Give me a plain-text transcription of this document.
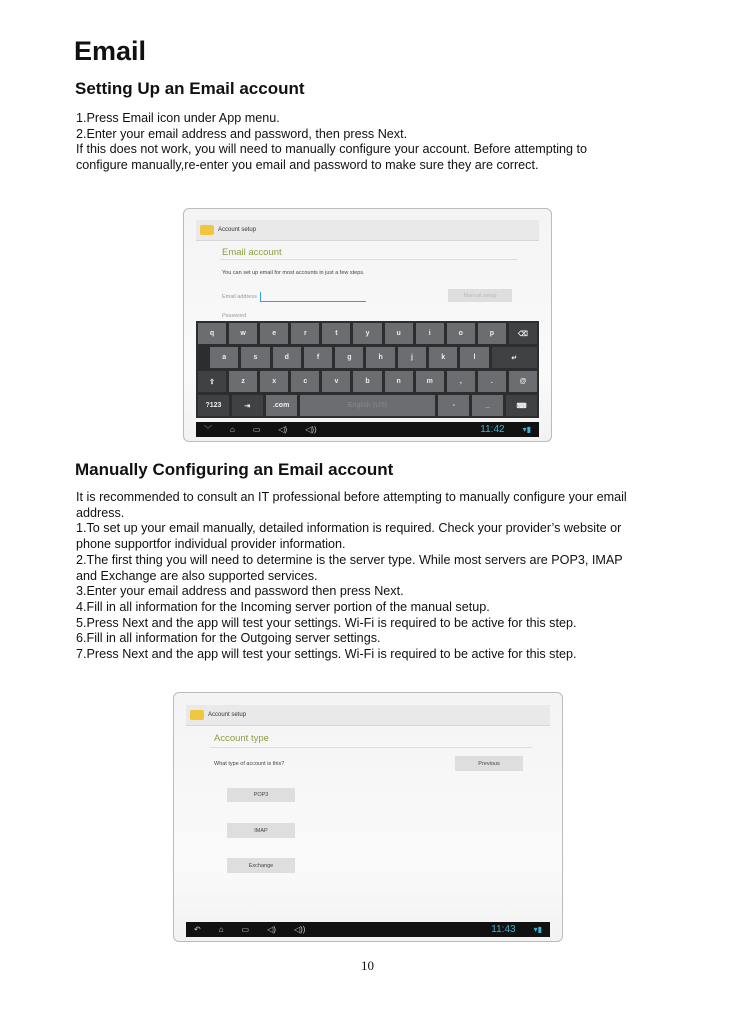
Email
Setting Up an Email account
1.Press Email icon under App menu.
2.Enter your email address and password, then press Next.
If this does not work, you will need to manually configure your account. Before attempting to
configure manually,re-enter you email and password to make sure they are correct.
Account setup
Email account
You can set up email for most accounts in just a few steps.
Email address	Manual setup
Password
q	w	e	r	t	y	u	i	o	p	⌫
a	s	d	f	g	h	j	k	l	↵
⇧	z	x	c	v	b	n	m	,	.	@
?123	⇥	.com	English (US)	-	_	⌨
﹀ ⌂ ▭ ◁) ◁))	11:42 ▾▮
Manually Configuring an Email account
It is recommended to consult an IT professional before attempting to manually configure your email
address.
1.To set up your email manually, detailed information is required. Check your provider’s website or
phone supportfor individual provider information.
2.The first thing you will need to determine is the server type. While most servers are POP3, IMAP
and Exchange are also supported services.
3.Enter your email address and password then press Next.
4.Fill in all information for the Incoming server portion of the manual setup.
5.Press Next and the app will test your settings. Wi-Fi is required to be active for this step.
6.Fill in all information for the Outgoing server settings.
7.Press Next and the app will test your settings. Wi-Fi is required to be active for this step.
Account setup
Account type
What type of account is this?	Previous
POP3
IMAP
Exchange
↶ ⌂ ▭ ◁) ◁))	11:43 ▾▮
10
